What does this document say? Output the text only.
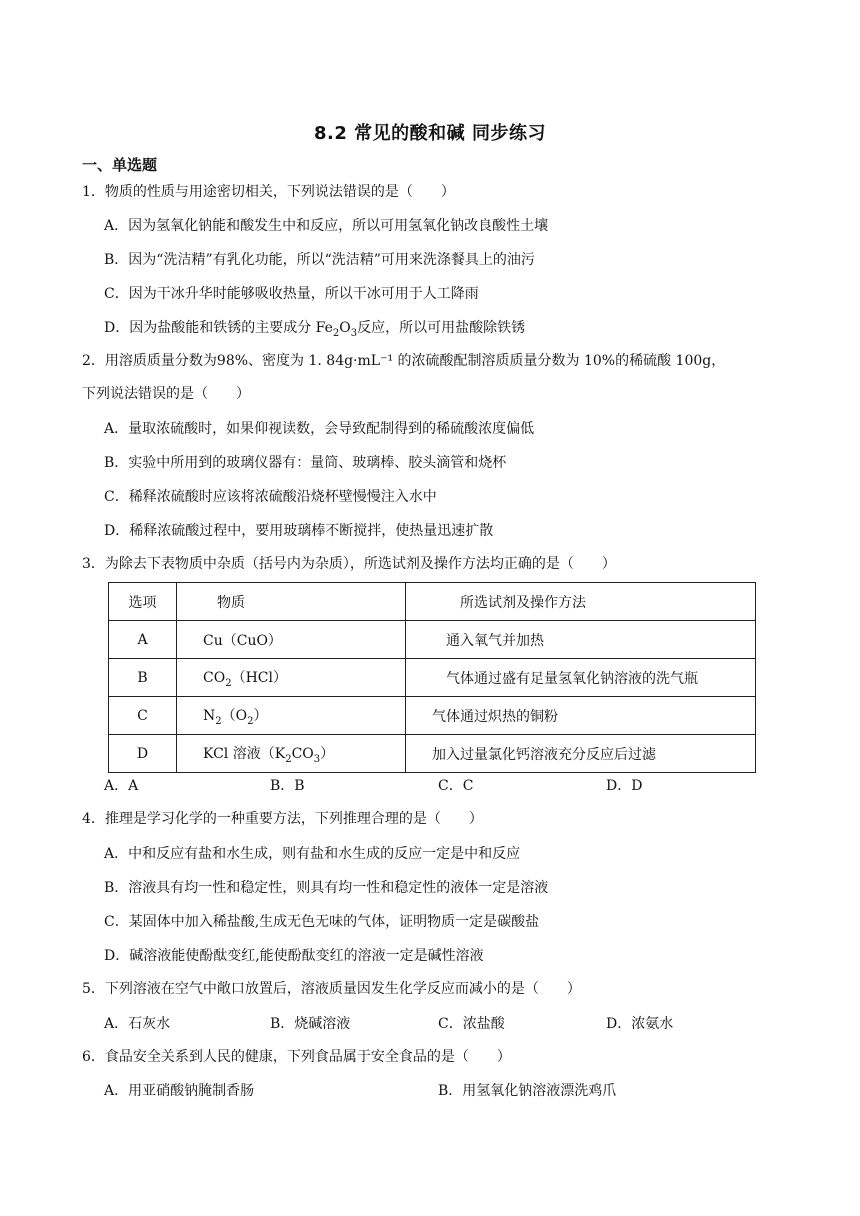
8.2 常见的酸和碱 同步练习
一、单选题
1．物质的性质与用途密切相关，下列说法错误的是（　　）
A．因为氢氧化钠能和酸发生中和反应，所以可用氢氧化钠改良酸性土壤
B．因为“洗洁精”有乳化功能，所以“洗洁精”可用来洗涤餐具上的油污
C．因为干冰升华时能够吸收热量，所以干冰可用于人工降雨
D．因为盐酸能和铁锈的主要成分 $Fe_2O_3$反应，所以可用盐酸除铁锈
2．用溶质质量分数为98%、密度为 1. 84g·mL⁻¹ 的浓硫酸配制溶质质量分数为 10%的稀硫酸 100g，
下列说法错误的是（　　）
A．量取浓硫酸时，如果仰视读数，会导致配制得到的稀硫酸浓度偏低
B．实验中所用到的玻璃仪器有：量筒、玻璃棒、胶头滴管和烧杯
C．稀释浓硫酸时应该将浓硫酸沿烧杯壁慢慢注入水中
D．稀释浓硫酸过程中，要用玻璃棒不断搅拌，使热量迅速扩散
3．为除去下表物质中杂质（括号内为杂质），所选试剂及操作方法均正确的是（　　）
选项	物质	所选试剂及操作方法
A	Cu（CuO）	通入氧气并加热
B	$CO_2(HCl)$	气体通过盛有足量氢氧化钠溶液的洗气瓶
C	$N_2(O_2)$	气体通过炽热的铜粉
D	KCl 溶液$(K_2CO_3)$	加入过量氯化钙溶液充分反应后过滤
A．A	B．B	C．C	D．D
4．推理是学习化学的一种重要方法，下列推理合理的是（　　）
A．中和反应有盐和水生成，则有盐和水生成的反应一定是中和反应
B．溶液具有均一性和稳定性，则具有均一性和稳定性的液体一定是溶液
C．某固体中加入稀盐酸,生成无色无味的气体，证明物质一定是碳酸盐
D．碱溶液能使酚酞变红,能使酚酞变红的溶液一定是碱性溶液
5．下列溶液在空气中敞口放置后，溶液质量因发生化学反应而减小的是（　　）
A．石灰水	B．烧碱溶液	C．浓盐酸	D．浓氨水
6．食品安全关系到人民的健康，下列食品属于安全食品的是（　　）
A．用亚硝酸钠腌制香肠	B．用氢氧化钠溶液漂洗鸡爪
